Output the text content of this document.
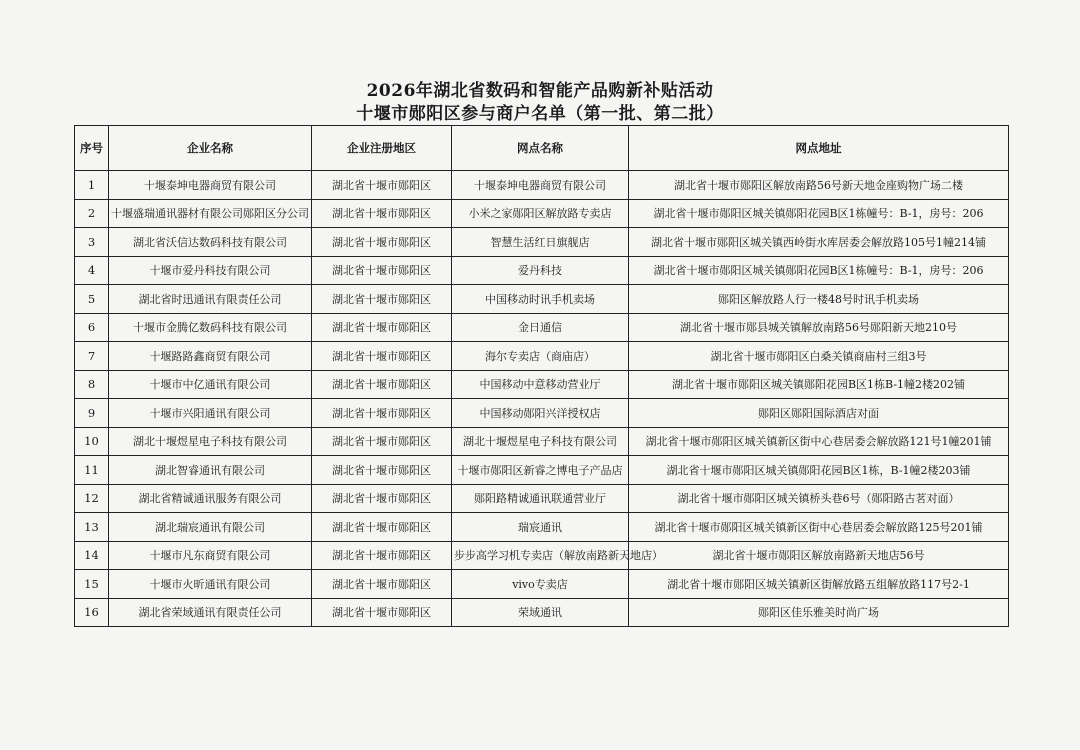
2026年湖北省数码和智能产品购新补贴活动
十堰市郧阳区参与商户名单（第一批、第二批）
序号	企业名称	企业注册地区	网点名称	网点地址
1	十堰泰坤电器商贸有限公司	湖北省十堰市郧阳区	十堰泰坤电器商贸有限公司	湖北省十堰市郧阳区解放南路56号新天地金座购物广场二楼
2	十堰盛瑞通讯器材有限公司郧阳区分公司	湖北省十堰市郧阳区	小米之家郧阳区解放路专卖店	湖北省十堰市郧阳区城关镇郧阳花园B区1栋幢号：B-1，房号：206
3	湖北省沃信达数码科技有限公司	湖北省十堰市郧阳区	智慧生活红日旗舰店	湖北省十堰市郧阳区城关镇西岭街水库居委会解放路105号1幢214铺
4	十堰市爱丹科技有限公司	湖北省十堰市郧阳区	爱丹科技	湖北省十堰市郧阳区城关镇郧阳花园B区1栋幢号：B-1，房号：206
5	湖北省时迅通讯有限责任公司	湖北省十堰市郧阳区	中国移动时讯手机卖场	郧阳区解放路人行一楼48号时讯手机卖场
6	十堰市金腾亿数码科技有限公司	湖北省十堰市郧阳区	金日通信	湖北省十堰市郧县城关镇解放南路56号郧阳新天地210号
7	十堰路路鑫商贸有限公司	湖北省十堰市郧阳区	海尔专卖店（商庙店）	湖北省十堰市郧阳区白桑关镇商庙村三组3号
8	十堰市中亿通讯有限公司	湖北省十堰市郧阳区	中国移动中意移动营业厅	湖北省十堰市郧阳区城关镇郧阳花园B区1栋B-1幢2楼202铺
9	十堰市兴阳通讯有限公司	湖北省十堰市郧阳区	中国移动郧阳兴洋授权店	郧阳区郧阳国际酒店对面
10	湖北十堰煜星电子科技有限公司	湖北省十堰市郧阳区	湖北十堰煜星电子科技有限公司	湖北省十堰市郧阳区城关镇新区街中心巷居委会解放路121号1幢201铺
11	湖北智睿通讯有限公司	湖北省十堰市郧阳区	十堰市郧阳区新睿之博电子产品店	湖北省十堰市郧阳区城关镇郧阳花园B区1栋，B-1幢2楼203铺
12	湖北省精诚通讯服务有限公司	湖北省十堰市郧阳区	郧阳路精诚通讯联通营业厅	湖北省十堰市郧阳区城关镇桥头巷6号（郧阳路古茗对面）
13	湖北瑞宸通讯有限公司	湖北省十堰市郧阳区	瑞宸通讯	湖北省十堰市郧阳区城关镇新区街中心巷居委会解放路125号201铺
14	十堰市凡东商贸有限公司	湖北省十堰市郧阳区	步步高学习机专卖店（解放南路新天地店）	湖北省十堰市郧阳区解放南路新天地店56号
15	十堰市火昕通讯有限公司	湖北省十堰市郧阳区	vivo专卖店	湖北省十堰市郧阳区城关镇新区街解放路五组解放路117号2-1
16	湖北省荣域通讯有限责任公司	湖北省十堰市郧阳区	荣域通讯	郧阳区佳乐雅美时尚广场
